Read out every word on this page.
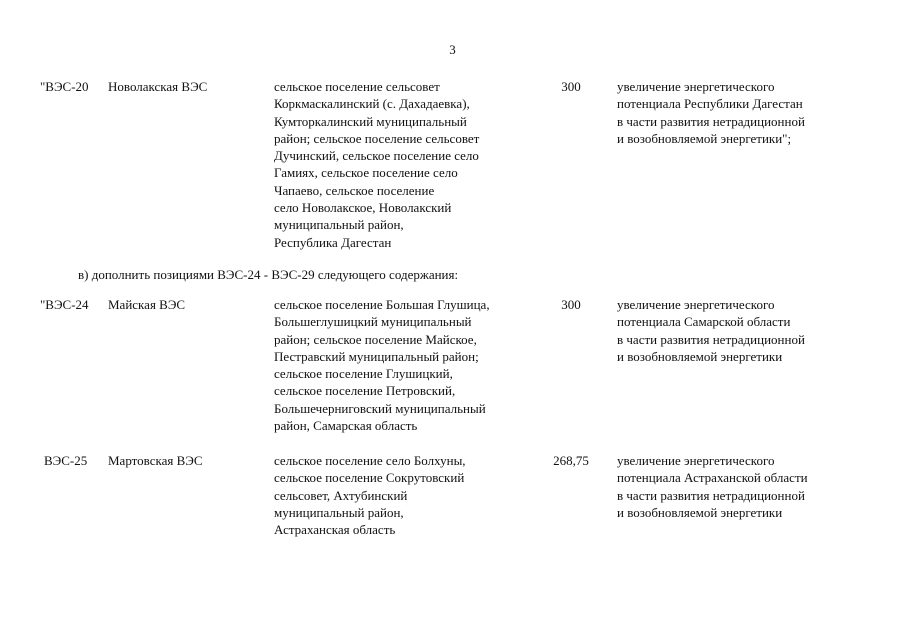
3
"ВЭС-20 Новолакская ВЭС	сельское поселение сельсовет
Коркмаскалинский (с. Дахадаевка),
Кумторкалинский муниципальный
район; сельское поселение сельсовет
Дучинский, сельское поселение село
Гамиях, сельское поселение село
Чапаево, сельское поселение
село Новолакское, Новолакский
муниципальный район,
Республика Дагестан
300	увеличение энергетического
потенциала Республики Дагестан
в части развития нетрадиционной
и возобновляемой энергетики";
в) дополнить позициями ВЭС-24 - ВЭС-29 следующего содержания:
"ВЭС-24 Майская ВЭС	сельское поселение Большая Глушица,
Большеглушицкий муниципальный
район; сельское поселение Майское,
Пестравский муниципальный район;
сельское поселение Глушицкий,
сельское поселение Петровский,
Большечерниговский муниципальный
район, Самарская область
300	увеличение энергетического
потенциала Самарской области
в части развития нетрадиционной
и возобновляемой энергетики
ВЭС-25 Мартовская ВЭС	сельское поселение село Болхуны,
сельское поселение Сокрутовский
сельсовет, Ахтубинский
муниципальный район,
Астраханская область
268,75	увеличение энергетического
потенциала Астраханской области
в части развития нетрадиционной
и возобновляемой энергетики
